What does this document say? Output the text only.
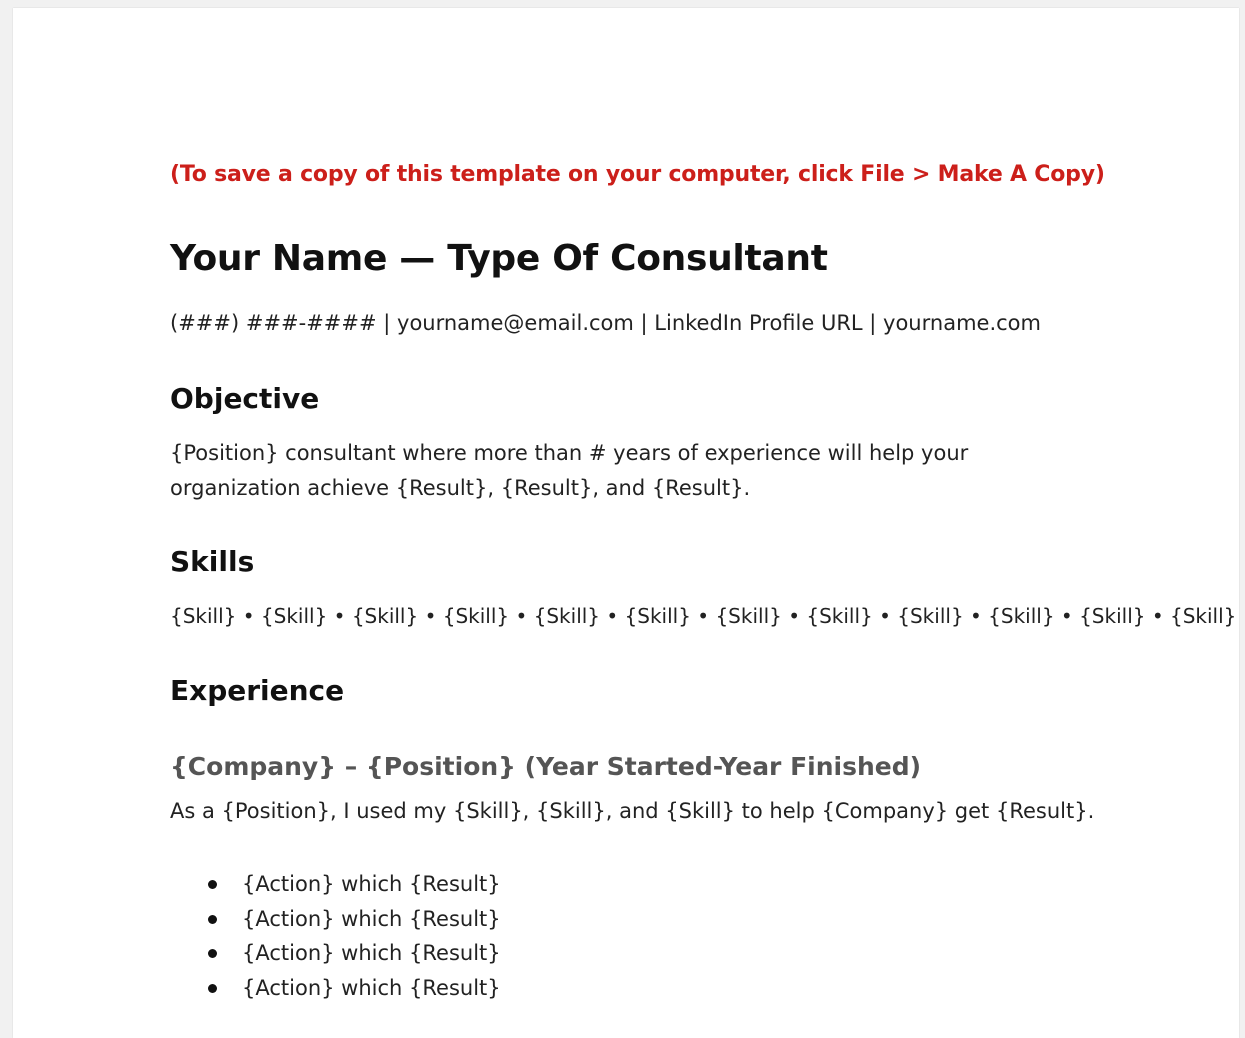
(To save a copy of this template on your computer, click File > Make A Copy)

Your Name — Type Of Consultant

(###) ###-#### | yourname@email.com | LinkedIn Profile URL | yourname.com

Objective

{Position} consultant where more than # years of experience will help your organization achieve {Result}, {Result}, and {Result}.

Skills

{Skill} • {Skill} • {Skill} • {Skill} • {Skill} • {Skill} • {Skill} • {Skill} • {Skill} • {Skill} • {Skill} • {Skill}

Experience
{Company} – {Position} (Year Started-Year Finished)

As a {Position}, I used my {Skill}, {Skill}, and {Skill} to help {Company} get {Result}.

{Action} which {Result}
{Action} which {Result}
{Action} which {Result}
{Action} which {Result}
